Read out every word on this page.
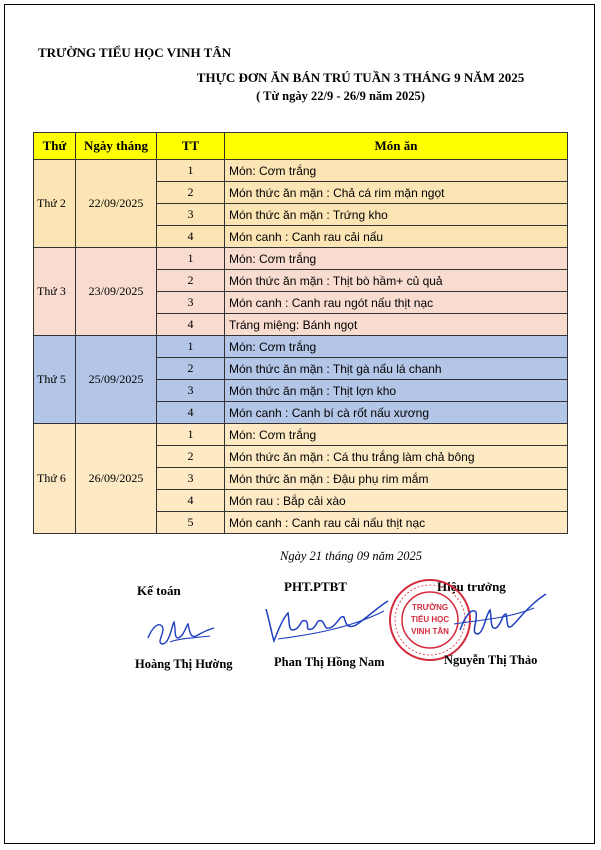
TRƯỜNG TIỂU HỌC VINH TÂN
THỰC ĐƠN ĂN BÁN TRÚ TUẦN 3 THÁNG 9 NĂM 2025
( Từ ngày 22/9 - 26/9 năm 2025)
Thứ	Ngày tháng	TT	Món ăn
Thứ 2	22/09/2025	1	Món: Cơm trắng
		2	Món thức ăn mặn : Chả cá rim mặn ngọt
		3	Món thức ăn mặn : Trứng kho
		4	Món canh : Canh rau cải nấu
Thứ 3	23/09/2025	1	Món: Cơm trắng
		2	Món thức ăn mặn : Thịt bò hầm+ củ quả
		3	Món canh : Canh rau ngót nấu thịt nạc
		4	Tráng miệng: Bánh ngọt
Thứ 5	25/09/2025	1	Món: Cơm trắng
		2	Món thức ăn mặn : Thịt gà nấu lá chanh
		3	Món thức ăn mặn : Thịt lợn kho
		4	Món canh : Canh bí cà rốt nấu xương
Thứ 6	26/09/2025	1	Món: Cơm trắng
		2	Món thức ăn mặn : Cá thu trắng làm chả bông
		3	Món thức ăn mặn : Đậu phụ rim mắm
		4	Món rau : Bắp cải xào
		5	Món canh : Canh rau cải nấu thịt nạc
Ngày 21 tháng 09 năm 2025
Kế toán	PHT.PTBT	Hiệu trưởng
TRƯỜNG
TIỂU HỌC
VINH TÂN
Hoàng Thị Hường	Phan Thị Hồng Nam	Nguyễn Thị Thảo
